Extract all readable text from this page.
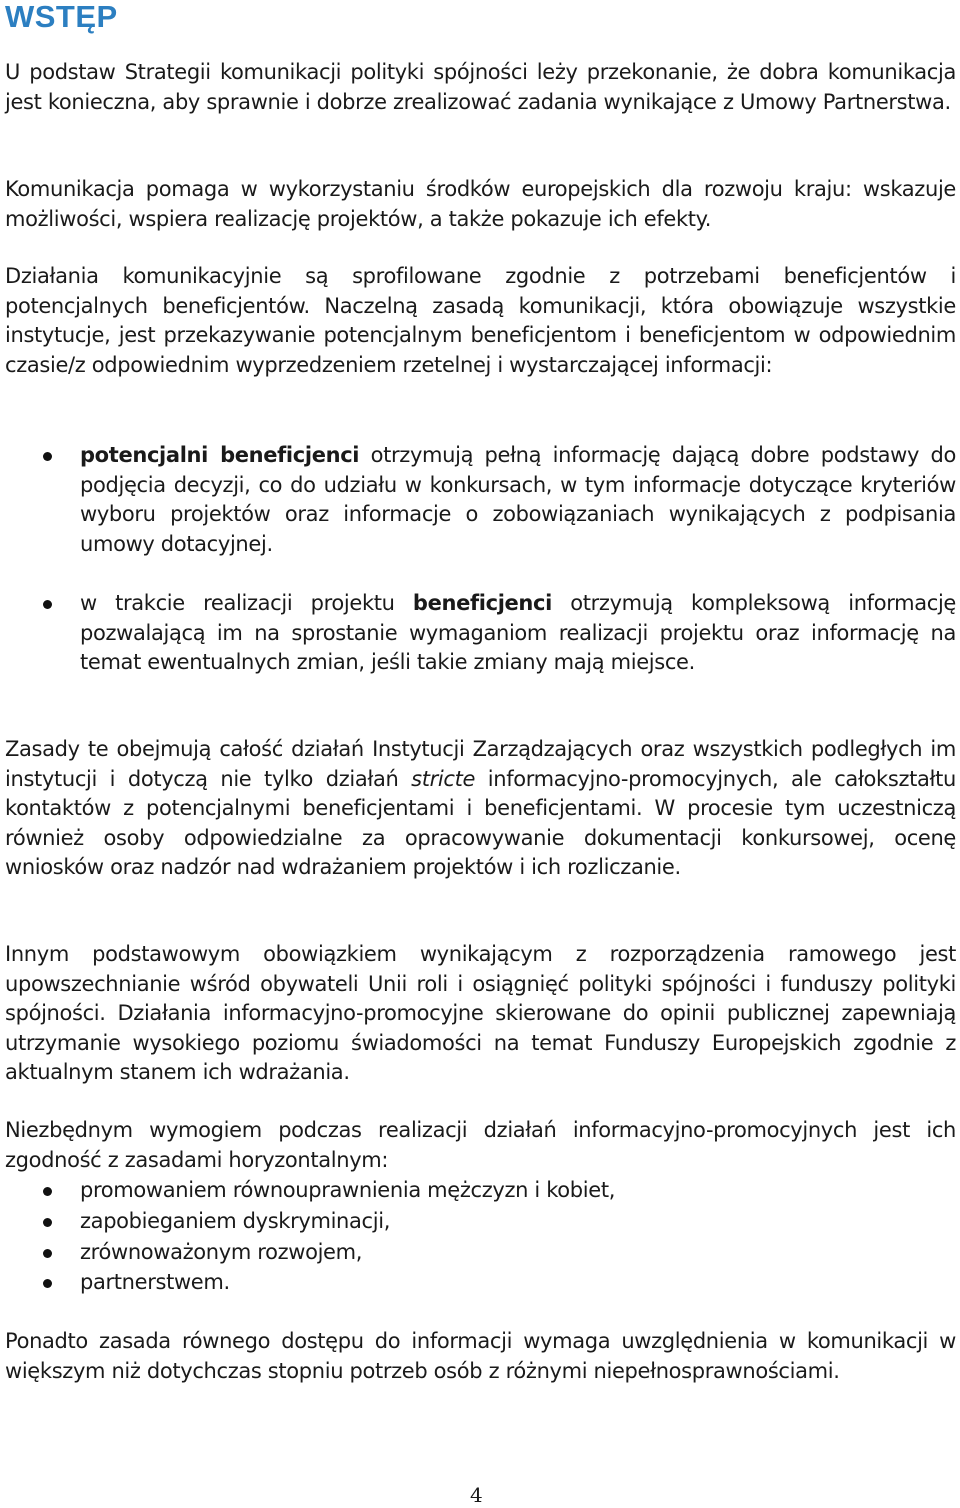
WSTĘP

U podstaw Strategii komunikacji polityki spójności leży przekonanie, że dobra komunikacja jest konieczna, aby sprawnie i dobrze zrealizować zadania wynikające z Umowy Partnerstwa.

Komunikacja pomaga w wykorzystaniu środków europejskich dla rozwoju kraju: wskazuje możliwości, wspiera realizację projektów, a także pokazuje ich efekty.

Działania komunikacyjnie są sprofilowane zgodnie z potrzebami beneficjentów i potencjalnych beneficjentów. Naczelną zasadą komunikacji, która obowiązuje wszystkie instytucje, jest przekazywanie potencjalnym beneficjentom i beneficjentom w odpowiednim czasie/z odpowiednim wyprzedzeniem rzetelnej i wystarczającej informacji:

potencjalni beneficjenci otrzymują pełną informację dającą dobre podstawy do podjęcia decyzji, co do udziału w konkursach, w tym informacje dotyczące kryteriów wyboru projektów oraz informacje o zobowiązaniach wynikających z podpisania umowy dotacyjnej.

w trakcie realizacji projektu beneficjenci otrzymują kompleksową informację pozwalającą im na sprostanie wymaganiom realizacji projektu oraz informację na temat ewentualnych zmian, jeśli takie zmiany mają miejsce.

Zasady te obejmują całość działań Instytucji Zarządzających oraz wszystkich podległych im instytucji i dotyczą nie tylko działań stricte informacyjno-promocyjnych, ale całokształtu kontaktów z potencjalnymi beneficjentami i beneficjentami. W procesie tym uczestniczą również osoby odpowiedzialne za opracowywanie dokumentacji konkursowej, ocenę wniosków oraz nadzór nad wdrażaniem projektów i ich rozliczanie.

Innym podstawowym obowiązkiem wynikającym z rozporządzenia ramowego jest upowszechnianie wśród obywateli Unii roli i osiągnięć polityki spójności i funduszy polityki spójności. Działania informacyjno-promocyjne skierowane do opinii publicznej zapewniają utrzymanie wysokiego poziomu świadomości na temat Funduszy Europejskich zgodnie z aktualnym stanem ich wdrażania.

Niezbędnym wymogiem podczas realizacji działań informacyjno-promocyjnych jest ich zgodność z zasadami horyzontalnym:

promowaniem równouprawnienia mężczyzn i kobiet,

zapobieganiem dyskryminacji,

zrównoważonym rozwojem,

partnerstwem.

Ponadto zasada równego dostępu do informacji wymaga uwzględnienia w komunikacji w większym niż dotychczas stopniu potrzeb osób z różnymi niepełnosprawnościami.

4
